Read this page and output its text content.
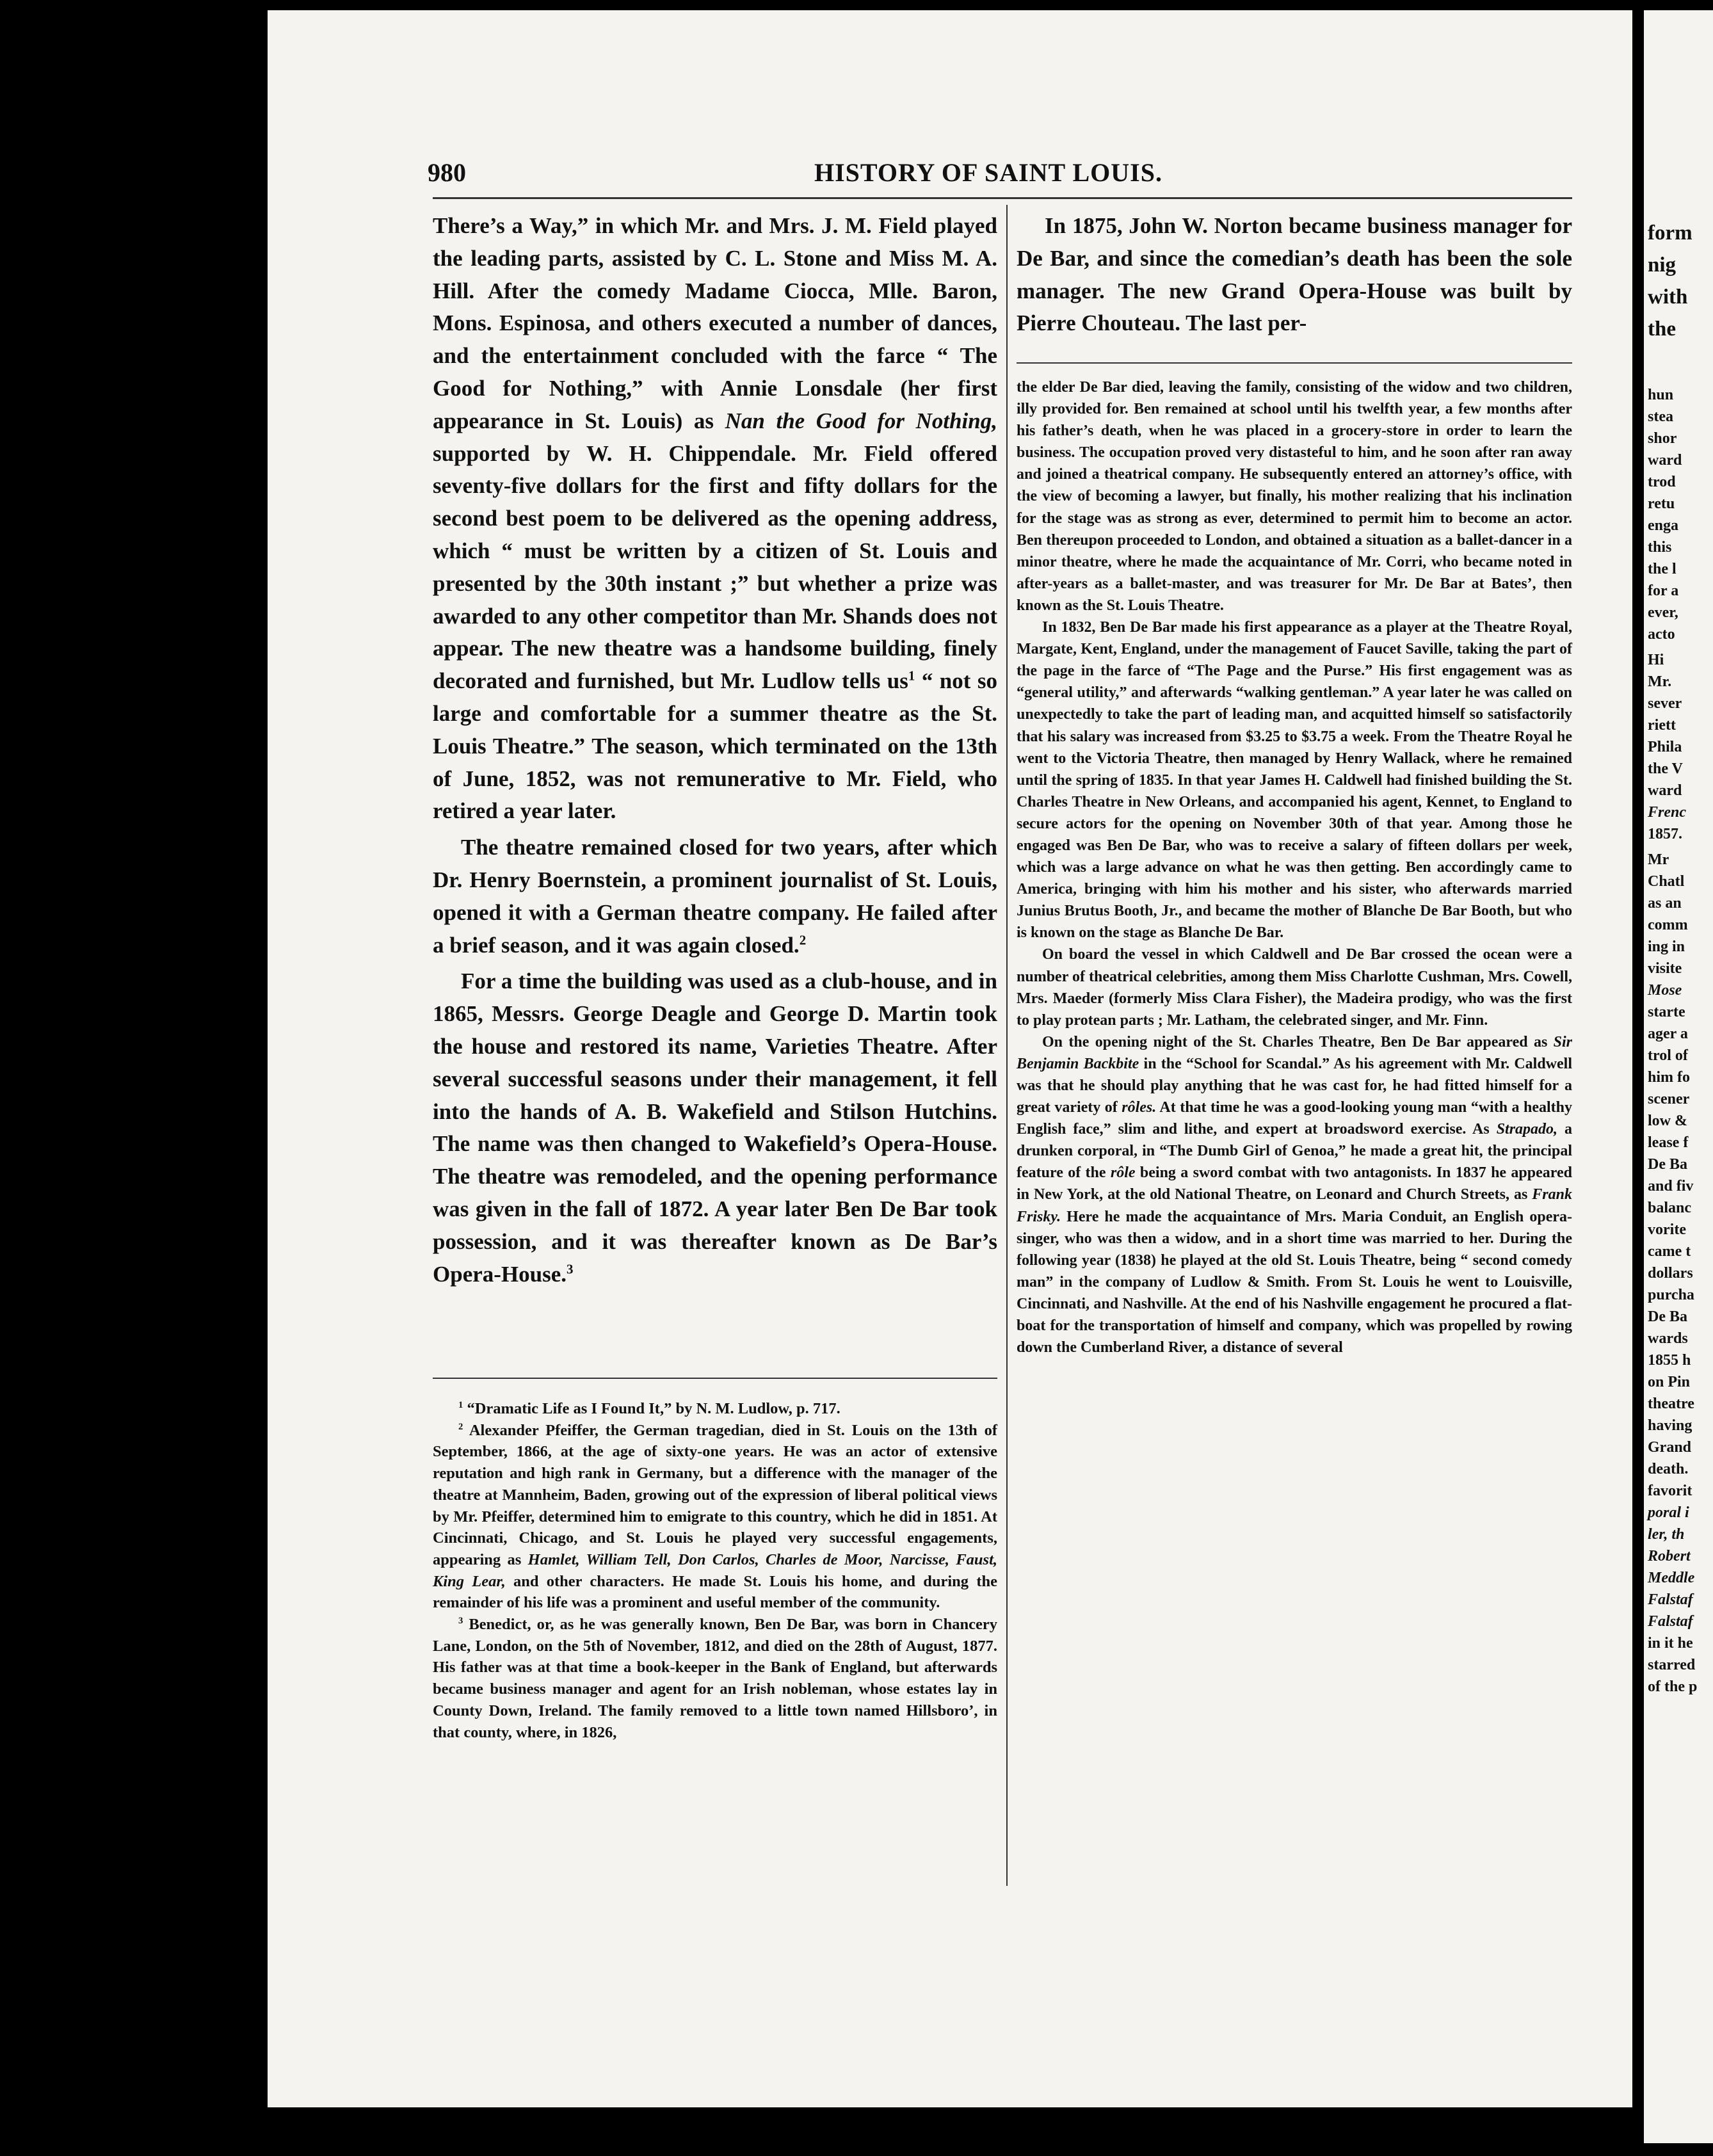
980	HISTORY OF SAINT LOUIS.

There’s a Way,” in which Mr. and Mrs. J. M. Field played the leading parts, assisted by C. L. Stone and Miss M. A. Hill. After the comedy Madame Ciocca, Mlle. Baron, Mons. Espinosa, and others executed a number of dances, and the entertainment concluded with the farce “ The Good for Nothing,” with Annie Lonsdale (her first appearance in St. Louis) as Nan the Good for Nothing, supported by W. H. Chippendale. Mr. Field offered seventy-five dollars for the first and fifty dollars for the second best poem to be delivered as the opening address, which “ must be written by a citizen of St. Louis and presented by the 30th instant ;” but whether a prize was awarded to any other competitor than Mr. Shands does not appear. The new theatre was a handsome building, finely decorated and furnished, but Mr. Ludlow tells $us^1$ “ not so large and comfortable for a summer theatre as the St. Louis Theatre.” The season, which terminated on the 13th of June, 1852, was not remunerative to Mr. Field, who retired a year later.

The theatre remained closed for two years, after which Dr. Henry Boernstein, a prominent journalist of St. Louis, opened it with a German theatre company. He failed after a brief season, and it was again closed.$^2$

For a time the building was used as a club-house, and in 1865, Messrs. George Deagle and George D. Martin took the house and restored its name, Varieties Theatre. After several successful seasons under their management, it fell into the hands of A. B. Wakefield and Stilson Hutchins. The name was then changed to Wakefield’s Opera-House. The theatre was remodeled, and the opening performance was given in the fall of 1872. A year later Ben De Bar took possession, and it was thereafter known as De Bar’s Opera-House.$^3$

$^1$ “Dramatic Life as I Found It,” by N. M. Ludlow, p. 717.

$^2$ Alexander Pfeiffer, the German tragedian, died in St. Louis on the 13th of September, 1866, at the age of sixty-one years. He was an actor of extensive reputation and high rank in Germany, but a difference with the manager of the theatre at Mannheim, Baden, growing out of the expression of liberal political views by Mr. Pfeiffer, determined him to emigrate to this country, which he did in 1851. At Cincinnati, Chicago, and St. Louis he played very successful engagements, appearing as Hamlet, William Tell, Don Carlos, Charles de Moor, Narcisse, Faust, King Lear, and other characters. He made St. Louis his home, and during the remainder of his life was a prominent and useful member of the community.

$^3$ Benedict, or, as he was generally known, Ben De Bar, was born in Chancery Lane, London, on the 5th of November, 1812, and died on the 28th of August, 1877. His father was at that time a book-keeper in the Bank of England, but afterwards became business manager and agent for an Irish nobleman, whose estates lay in County Down, Ireland. The family removed to a little town named Hillsboro’, in that county, where, in 1826,

In 1875, John W. Norton became business manager for De Bar, and since the comedian’s death has been the sole manager. The new Grand Opera-House was built by Pierre Chouteau. The last per-

the elder De Bar died, leaving the family, consisting of the widow and two children, illy provided for. Ben remained at school until his twelfth year, a few months after his father’s death, when he was placed in a grocery-store in order to learn the business. The occupation proved very distasteful to him, and he soon after ran away and joined a theatrical company. He subsequently entered an attorney’s office, with the view of becoming a lawyer, but finally, his mother realizing that his inclination for the stage was as strong as ever, determined to permit him to become an actor. Ben thereupon proceeded to London, and obtained a situation as a ballet-dancer in a minor theatre, where he made the acquaintance of Mr. Corri, who became noted in after-years as a ballet-master, and was treasurer for Mr. De Bar at Bates’, then known as the St. Louis Theatre.

In 1832, Ben De Bar made his first appearance as a player at the Theatre Royal, Margate, Kent, England, under the management of Faucet Saville, taking the part of the page in the farce of “The Page and the Purse.” His first engagement was as “general utility,” and afterwards “walking gentleman.” A year later he was called on unexpectedly to take the part of leading man, and acquitted himself so satisfactorily that his salary was increased from $3.25 to $3.75 a week. From the Theatre Royal he went to the Victoria Theatre, then managed by Henry Wallack, where he remained until the spring of 1835. In that year James H. Caldwell had finished building the St. Charles Theatre in New Orleans, and accompanied his agent, Kennet, to England to secure actors for the opening on November 30th of that year. Among those he engaged was Ben De Bar, who was to receive a salary of fifteen dollars per week, which was a large advance on what he was then getting. Ben accordingly came to America, bringing with him his mother and his sister, who afterwards married Junius Brutus Booth, Jr., and became the mother of Blanche De Bar Booth, but who is known on the stage as Blanche De Bar.

On board the vessel in which Caldwell and De Bar crossed the ocean were a number of theatrical celebrities, among them Miss Charlotte Cushman, Mrs. Cowell, Mrs. Maeder (formerly Miss Clara Fisher), the Madeira prodigy, who was the first to play protean parts ; Mr. Latham, the celebrated singer, and Mr. Finn.

On the opening night of the St. Charles Theatre, Ben De Bar appeared as Sir Benjamin Backbite in the “School for Scandal.” As his agreement with Mr. Caldwell was that he should play anything that he was cast for, he had fitted himself for a great variety of rôles. At that time he was a good-looking young man “with a healthy English face,” slim and lithe, and expert at broadsword exercise. As Strapado, a drunken corporal, in “The Dumb Girl of Genoa,” he made a great hit, the principal feature of the rôle being a sword combat with two antagonists. In 1837 he appeared in New York, at the old National Theatre, on Leonard and Church Streets, as Frank Frisky. Here he made the acquaintance of Mrs. Maria Conduit, an English opera-singer, who was then a widow, and in a short time was married to her. During the following year (1838) he played at the old St. Louis Theatre, being “ second comedy man” in the company of Ludlow & Smith. From St. Louis he went to Louisville, Cincinnati, and Nashville. At the end of his Nashville engagement he procured a flat-boat for the transportation of himself and company, which was propelled by rowing down the Cumberland River, a distance of several

form
nig
with
the
hun
stea
shor
ward
trod
retu
enga
this
the l
for a
ever,
acto
Hi
Mr.
sever
riett
Phila
the V
ward
Frenc
1857.
Mr
Chatl
as an
comm
ing in
visite
Mose
starte
ager a
trol of
him fo
scener
low &
lease f
De Ba
and fiv
balanc
vorite
came t
dollars
purcha
De Ba
wards
1855 h
on Pin
theatre
having
Grand
death.
favorit
poral i
ler, th
Robert
Meddle
Falstaf
Falstaf
in it he
starred
of the p
